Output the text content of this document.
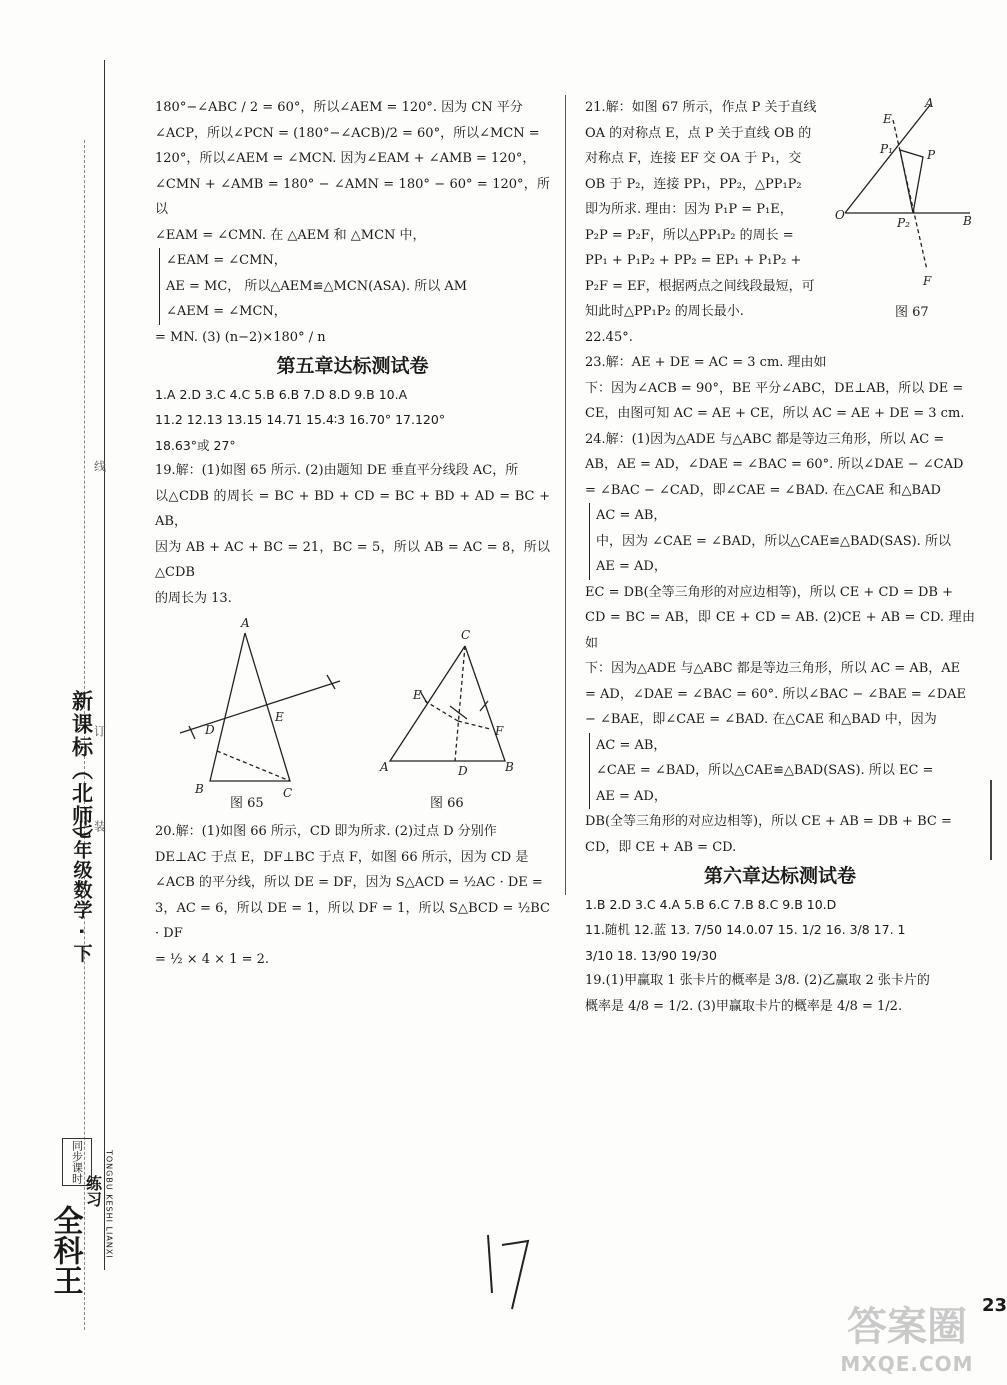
线
订
装
新课标（北师）
七年级数学 · 下
TONGBU KESHI LIANXI
同步课时
全科王
练习

180°−∠ABC / 2 = 60°，所以∠AEM = 120°. 因为 CN 平分

∠ACP，所以∠PCN = (180°−∠ACB)/2 = 60°，所以∠MCN =

120°，所以∠AEM = ∠MCN. 因为∠EAM + ∠AMB = 120°，

∠CMN + ∠AMB = 180° − ∠AMN = 180° − 60° = 120°，所以

∠EAM = ∠CMN. 在 △AEM 和 △MCN 中，

∠EAM = ∠CMN，

AE = MC， 所以△AEM≌△MCN(ASA). 所以 AM

∠AEM = ∠MCN，

= MN. (3) (n−2)×180° / n

第五章达标测试卷

1.A 2.D 3.C 4.C 5.B 6.B 7.D 8.D 9.B 10.A

11.2 12.13 13.15 14.71 15.4∶3 16.70° 17.120°

18.63°或 27°

19.解：(1)如图 65 所示. (2)由题知 DE 垂直平分线段 AC，所

以△CDB 的周长 = BC + BD + CD = BC + BD + AD = BC + AB，

因为 AB + AC + BC = 21，BC = 5，所以 AB = AC = 8，所以△CDB

的周长为 13.

A
B	C
D
E
C
A	B
D
E
F
图 65	图 66

20.解：(1)如图 66 所示，CD 即为所求. (2)过点 D 分别作

DE⊥AC 于点 E，DF⊥BC 于点 F，如图 66 所示，因为 CD 是

∠ACB 的平分线，所以 DE = DF，因为 S△ACD = ½AC · DE =

3，AC = 6，所以 DE = 1，所以 DF = 1，所以 S△BCD = ½BC · DF

= ½ × 4 × 1 = 2.

21.解：如图 67 所示，作点 P 关于直线

OA 的对称点 E，点 P 关于直线 OB 的

对称点 F，连接 EF 交 OA 于 P₁，交

OB 于 P₂，连接 PP₁，PP₂，△PP₁P₂

即为所求. 理由：因为 P₁P = P₁E，

P₂P = P₂F，所以△PP₁P₂ 的周长 =

PP₁ + P₁P₂ + PP₂ = EP₁ + P₁P₂ +

P₂F = EF，根据两点之间线段最短，可

知此时△PP₁P₂ 的周长最小.

A
E
P₁	P
O
P₂	B
F

22.45°.

23.解：AE + DE = AC = 3 cm. 理由如

图 67

下：因为∠ACB = 90°，BE 平分∠ABC，DE⊥AB，所以 DE =

CE，由图可知 AC = AE + CE，所以 AC = AE + DE = 3 cm.

24.解：(1)因为△ADE 与△ABC 都是等边三角形，所以 AC =

AB，AE = AD，∠DAE = ∠BAC = 60°. 所以∠DAE − ∠CAD

= ∠BAC − ∠CAD，即∠CAE = ∠BAD. 在△CAE 和△BAD

AC = AB，

中，因为 ∠CAE = ∠BAD，所以△CAE≌△BAD(SAS). 所以

AE = AD，

EC = DB(全等三角形的对应边相等)，所以 CE + CD = DB +

CD = BC = AB，即 CE + CD = AB. (2)CE + AB = CD. 理由如

下：因为△ADE 与△ABC 都是等边三角形，所以 AC = AB，AE

= AD，∠DAE = ∠BAC = 60°. 所以∠BAC − ∠BAE = ∠DAE

− ∠BAE，即∠CAE = ∠BAD. 在△CAE 和△BAD 中，因为

AC = AB，

∠CAE = ∠BAD，所以△CAE≌△BAD(SAS). 所以 EC =

AE = AD，

DB(全等三角形的对应边相等)，所以 CE + AB = DB + BC =

CD，即 CE + AB = CD.

第六章达标测试卷

1.B 2.D 3.C 4.A 5.B 6.C 7.B 8.C 9.B 10.D

11.随机 12.蓝 13. 7/50 14.0.07 15. 1/2 16. 3/8 17. 1

3/10 18. 13/90 19/30

19.(1)甲赢取 1 张卡片的概率是 3/8. (2)乙赢取 2 张卡片的

概率是 4/8 = 1/2. (3)甲赢取卡片的概率是 4/8 = 1/2.

17
23
答案圈
MXQE.COM
